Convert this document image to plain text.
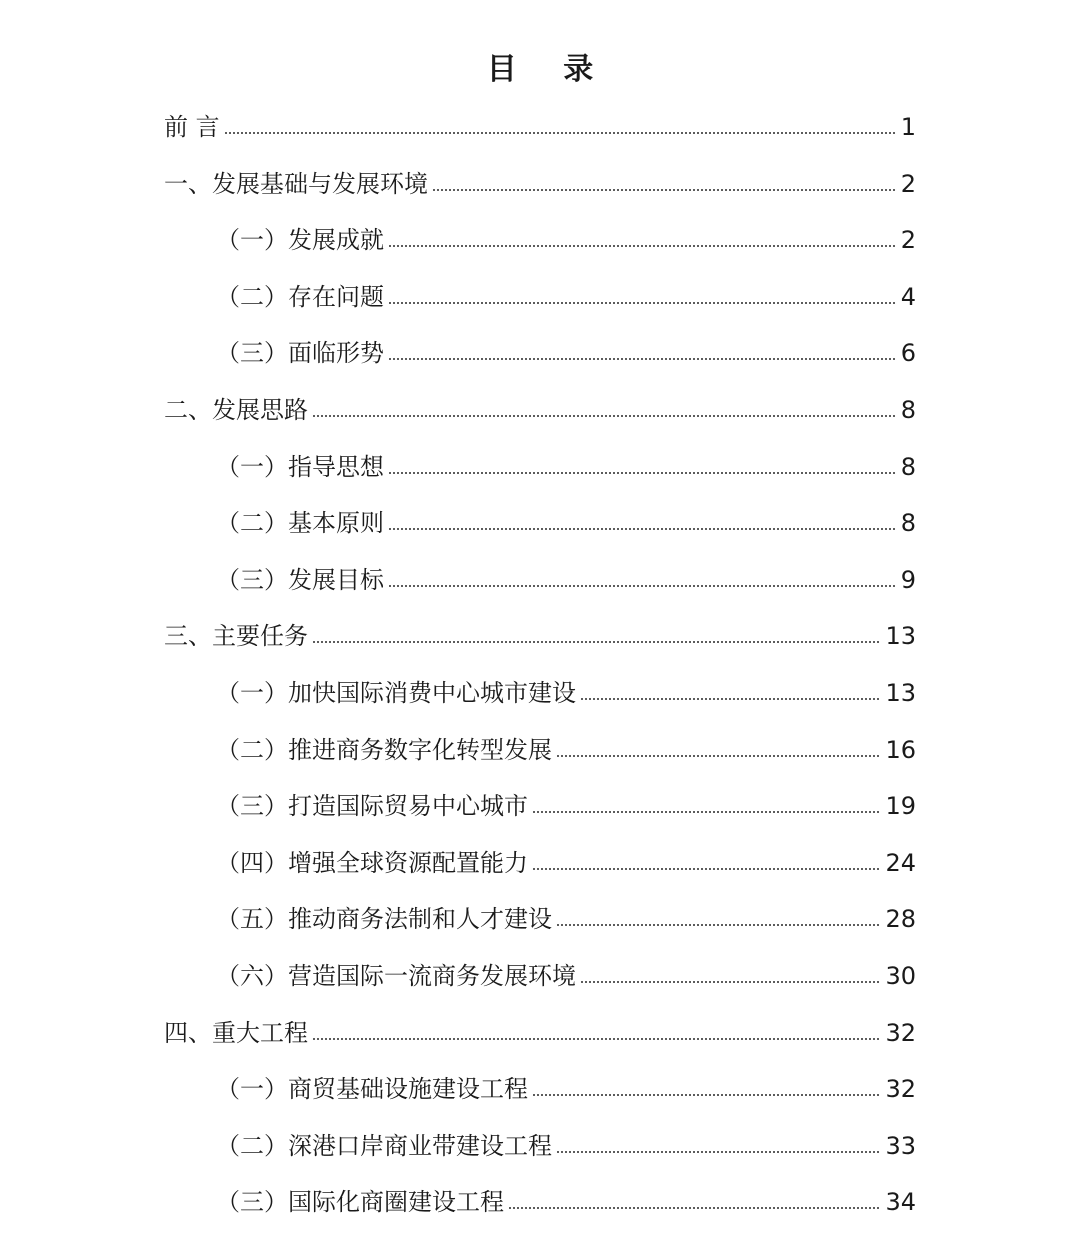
目 录
前 言	1
一、发展基础与发展环境	2
（一）发展成就	2
（二）存在问题	4
（三）面临形势	6
二、发展思路	8
（一）指导思想	8
（二）基本原则	8
（三）发展目标	9
三、主要任务	13
（一）加快国际消费中心城市建设	13
（二）推进商务数字化转型发展	16
（三）打造国际贸易中心城市	19
（四）增强全球资源配置能力	24
（五）推动商务法制和人才建设	28
（六）营造国际一流商务发展环境	30
四、重大工程	32
（一）商贸基础设施建设工程	32
（二）深港口岸商业带建设工程	33
（三）国际化商圈建设工程	34
